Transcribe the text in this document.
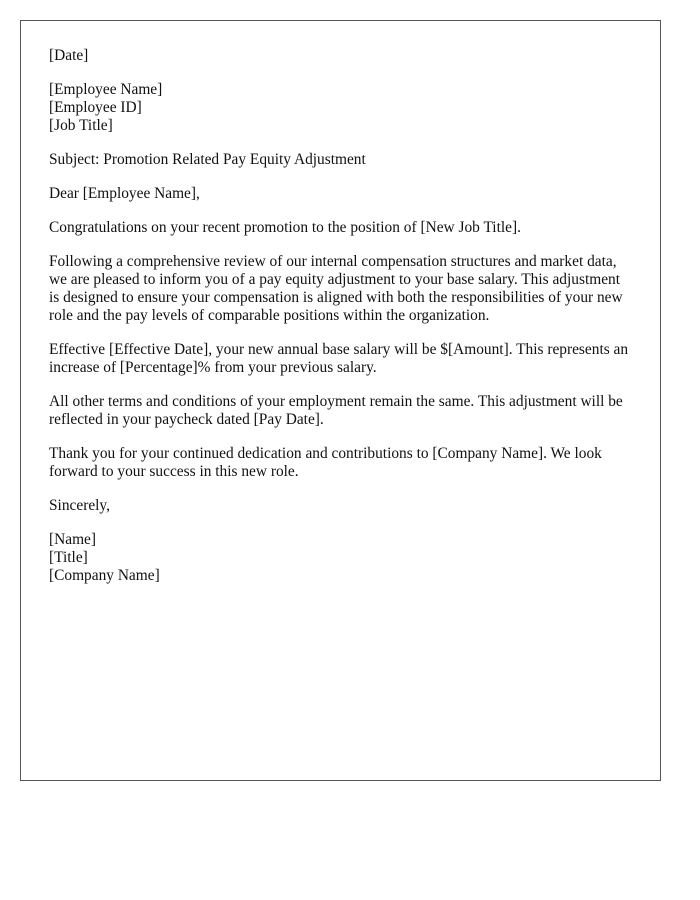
[Date]

[Employee Name]
[Employee ID]
[Job Title]

Subject: Promotion Related Pay Equity Adjustment

Dear [Employee Name],

Congratulations on your recent promotion to the position of [New Job Title].

Following a comprehensive review of our internal compensation structures and market data, we are pleased to inform you of a pay equity adjustment to your base salary. This adjustment is designed to ensure your compensation is aligned with both the responsibilities of your new role and the pay levels of comparable positions within the organization.

Effective [Effective Date], your new annual base salary will be $[Amount]. This represents an increase of [Percentage]% from your previous salary.

All other terms and conditions of your employment remain the same. This adjustment will be reflected in your paycheck dated [Pay Date].

Thank you for your continued dedication and contributions to [Company Name]. We look forward to your success in this new role.

Sincerely,

[Name]
[Title]
[Company Name]
